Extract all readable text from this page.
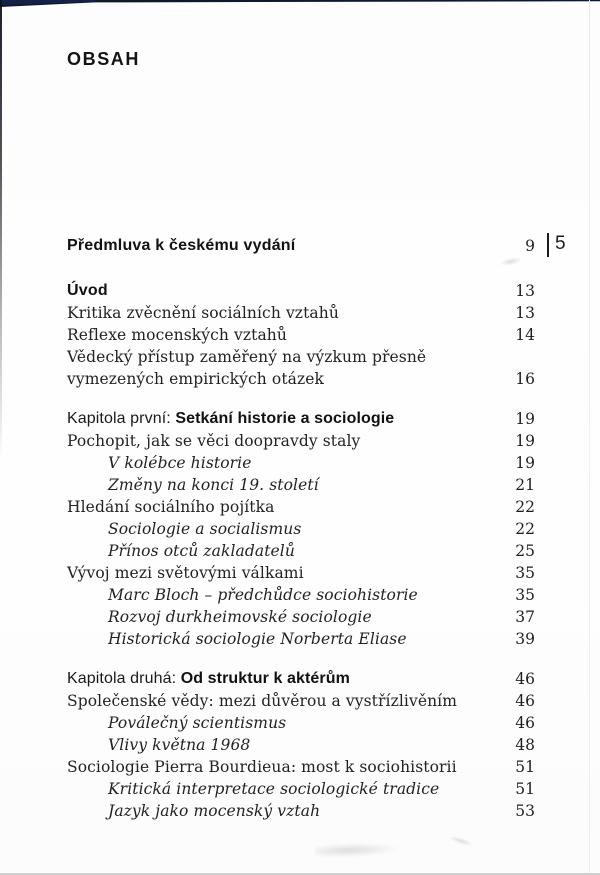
OBSAH
5
Předmluva k českému vydání	9
Úvod	13
Kritika zvěcnění sociálních vztahů	13
Reflexe mocenských vztahů	14
Vědecký přístup zaměřený na výzkum přesně
vymezených empirických otázek	16
Kapitola první: Setkání historie a sociologie	19
Pochopit, jak se věci doopravdy staly	19
V kolébce historie	19
Změny na konci 19. století	21
Hledání sociálního pojítka	22
Sociologie a socialismus	22
Přínos otců zakladatelů	25
Vývoj mezi světovými válkami	35
Marc Bloch – předchůdce sociohistorie	35
Rozvoj durkheimovské sociologie	37
Historická sociologie Norberta Eliase	39
Kapitola druhá: Od struktur k aktérům	46
Společenské vědy: mezi důvěrou a vystřízlivěním	46
Poválečný scientismus	46
Vlivy května 1968	48
Sociologie Pierra Bourdieua: most k sociohistorii	51
Kritická interpretace sociologické tradice	51
Jazyk jako mocenský vztah	53
